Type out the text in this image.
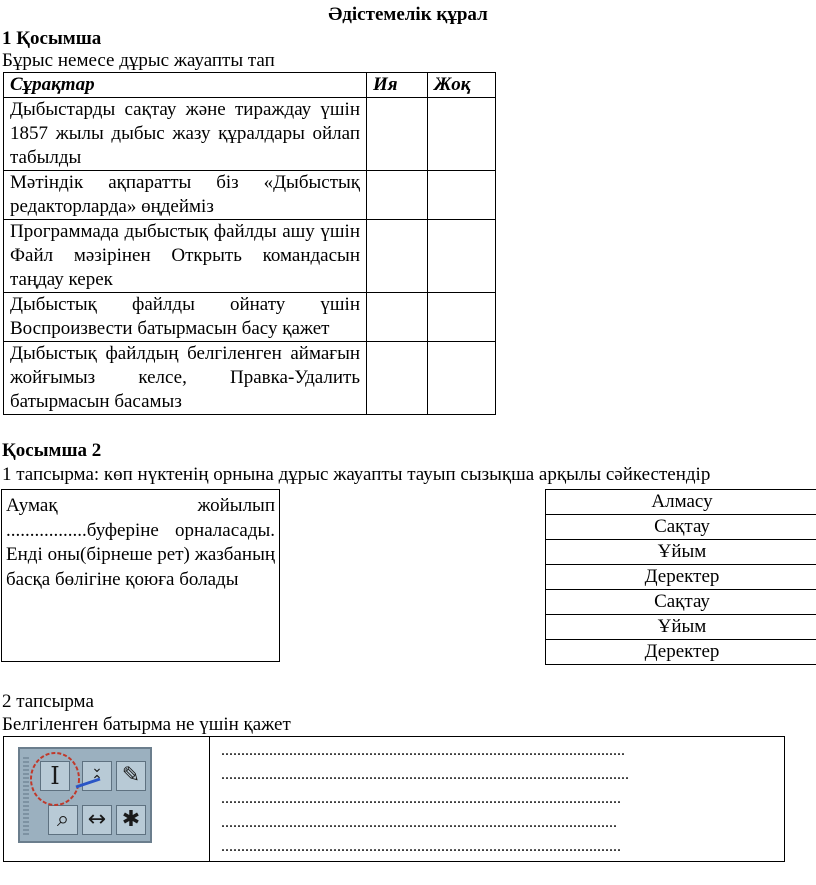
Әдістемелік құрал
1 Қосымша
Бұрыс немесе дұрыс жауапты тап
Сұрақтар	Ия	Жоқ
Дыбыстарды сақтау және тираждау үшін 1857 жылы дыбыс жазу құралдары ойлап табылды		
Мәтіндік ақпаратты біз «Дыбыстық редакторларда» өңдейміз		
Программада дыбыстық файлды ашу үшін Файл мәзірінен Открыть командасын таңдау керек		
Дыбыстық файлды ойнату үшін Воспроизвести батырмасын басу қажет		
Дыбыстық файлдың белгіленген аймағын жойғымыз келсе, Правка-Удалить батырмасын басамыз		
Қосымша 2
1 тапсырма: көп нүктенің орнына дұрыс жауапты тауып сызықша арқылы сәйкестендір
Аумақ жойылып .................буферіне орналасады. Енді оны(бірнеше рет) жазбаның басқа бөлігіне қоюға болады
Алмасу
Сақтау
Ұйым
Деректер
Сақтау
Ұйым
Деректер
2 тапсырма
Белгіленген батырма не үшін қажет
I	⌄
⌃ ✎
⌕ ↔ ✱
.....................................................................................................
......................................................................................................
....................................................................................................
...................................................................................................
....................................................................................................
